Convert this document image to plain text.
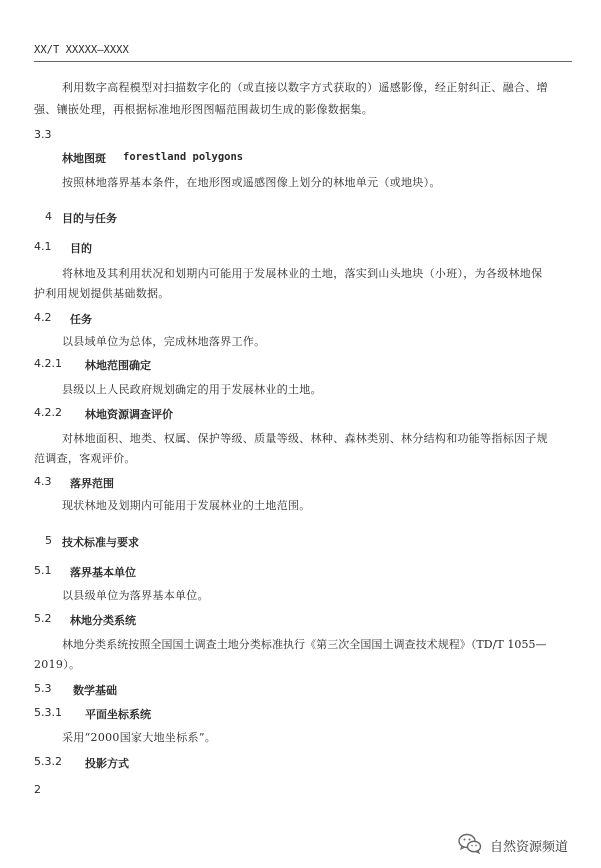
XX/T XXXXX—XXXX
利用数字高程模型对扫描数字化的（或直接以数字方式获取的）遥感影像，经正射纠正、融合、增
强、镶嵌处理，再根据标准地形图图幅范围裁切生成的影像数据集。
3.3
林地图斑 forestland polygons
按照林地落界基本条件，在地形图或遥感图像上划分的林地单元（或地块）。
4 目的与任务
4.1 目的
将林地及其利用状况和划期内可能用于发展林业的土地，落实到山头地块（小班），为各级林地保
护利用规划提供基础数据。
4.2 任务
以县域单位为总体，完成林地落界工作。
4.2.1 林地范围确定
县级以上人民政府规划确定的用于发展林业的土地。
4.2.2 林地资源调查评价
对林地面积、地类、权属、保护等级、质量等级、林种、森林类别、林分结构和功能等指标因子规
范调查，客观评价。
4.3 落界范围
现状林地及划期内可能用于发展林业的土地范围。
5 技术标准与要求
5.1 落界基本单位
以县级单位为落界基本单位。
5.2 林地分类系统
林地分类系统按照全国国土调查土地分类标准执行《第三次全国国土调查技术规程》（TD/T 1055—
2019）。
5.3 数学基础
5.3.1 平面坐标系统
采用“2000国家大地坐标系”。
5.3.2 投影方式
2
自然资源频道
